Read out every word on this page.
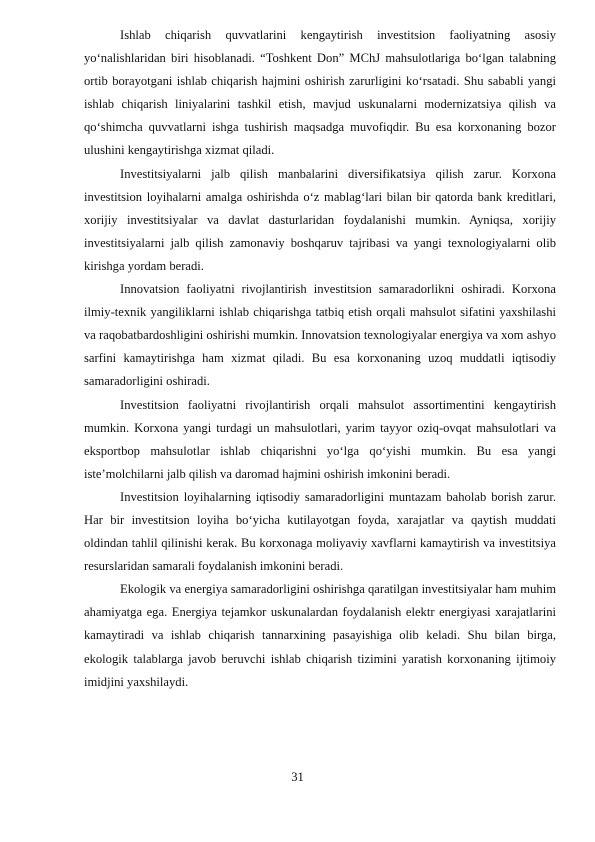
Ishlab chiqarish quvvatlarini kengaytirish investitsion faoliyatning asosiy yo‘nalishlaridan biri hisoblanadi. “Toshkent Don” MChJ mahsulotlariga bo‘lgan talabning ortib borayotgani ishlab chiqarish hajmini oshirish zarurligini ko‘rsatadi. Shu sababli yangi ishlab chiqarish liniyalarini tashkil etish, mavjud uskunalarni modernizatsiya qilish va qo‘shimcha quvvatlarni ishga tushirish maqsadga muvofiqdir. Bu esa korxonaning bozor ulushini kengaytirishga xizmat qiladi.

Investitsiyalarni jalb qilish manbalarini diversifikatsiya qilish zarur. Korxona investitsion loyihalarni amalga oshirishda o‘z mablag‘lari bilan bir qatorda bank kreditlari, xorijiy investitsiyalar va davlat dasturlaridan foydalanishi mumkin. Ayniqsa, xorijiy investitsiyalarni jalb qilish zamonaviy boshqaruv tajribasi va yangi texnologiyalarni olib kirishga yordam beradi.

Innovatsion faoliyatni rivojlantirish investitsion samaradorlikni oshiradi. Korxona ilmiy-texnik yangiliklarni ishlab chiqarishga tatbiq etish orqali mahsulot sifatini yaxshilashi va raqobatbardoshligini oshirishi mumkin. Innovatsion texnologiyalar energiya va xom ashyo sarfini kamaytirishga ham xizmat qiladi. Bu esa korxonaning uzoq muddatli iqtisodiy samaradorligini oshiradi.

Investitsion faoliyatni rivojlantirish orqali mahsulot assortimentini kengaytirish mumkin. Korxona yangi turdagi un mahsulotlari, yarim tayyor oziq-ovqat mahsulotlari va eksportbop mahsulotlar ishlab chiqarishni yo‘lga qo‘yishi mumkin. Bu esa yangi iste’molchilarni jalb qilish va daromad hajmini oshirish imkonini beradi.

Investitsion loyihalarning iqtisodiy samaradorligini muntazam baholab borish zarur. Har bir investitsion loyiha bo‘yicha kutilayotgan foyda, xarajatlar va qaytish muddati oldindan tahlil qilinishi kerak. Bu korxonaga moliyaviy xavflarni kamaytirish va investitsiya resurslaridan samarali foydalanish imkonini beradi.

Ekologik va energiya samaradorligini oshirishga qaratilgan investitsiyalar ham muhim ahamiyatga ega. Energiya tejamkor uskunalardan foydalanish elektr energiyasi xarajatlarini kamaytiradi va ishlab chiqarish tannarxining pasayishiga olib keladi. Shu bilan birga, ekologik talablarga javob beruvchi ishlab chiqarish tizimini yaratish korxonaning ijtimoiy imidjini yaxshilaydi.

31
